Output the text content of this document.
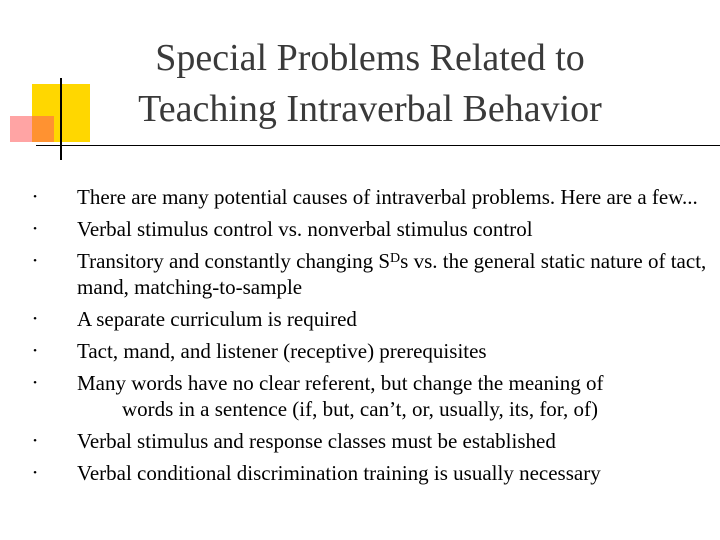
Special Problems Related to
Teaching Intraverbal Behavior
• There are many potential causes of intraverbal problems. Here are a few...
• Verbal stimulus control vs. nonverbal stimulus control
• Transitory and constantly changing $S^Ds$ vs. the general static nature of tact, mand, matching-to-sample
• A separate curriculum is required
• Tact, mand, and listener (receptive) prerequisites
• Many words have no clear referent, but change the meaning of
words in a sentence (if, but, can’t, or, usually, its, for, of)
• Verbal stimulus and response classes must be established
• Verbal conditional discrimination training is usually necessary
